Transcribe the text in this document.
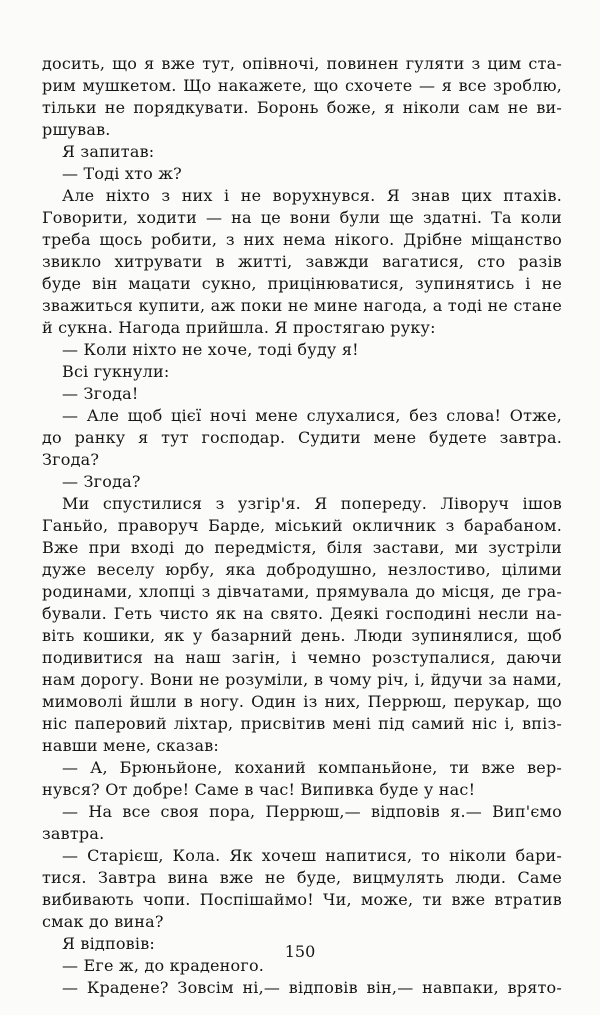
досить, що я вже тут, опівночі, повинен гуляти з цим ста-
рим мушкетом. Що накажете, що схочете — я все зроблю,
тільки не порядкувати. Боронь боже, я ніколи сам не ви-
ршував.
Я запитав:
— Тоді хто ж?
Але ніхто з них і не ворухнувся. Я знав цих птахів.
Говорити, ходити — на це вони були ще здатні. Та коли
треба щось робити, з них нема нікого. Дрібне міщанство
звикло хитрувати в житті, завжди вагатися, сто разів
буде він мацати сукно, прицінюватися, зупинятись і не
зважиться купити, аж поки не мине нагода, а тоді не стане
й сукна. Нагода прийшла. Я простягаю руку:
— Коли ніхто не хоче, тоді буду я!
Всі гукнули:
— Згода!
— Але щоб цієї ночі мене слухалися, без слова! Отже,
до ранку я тут господар. Судити мене будете завтра.
Згода?
— Згода?
Ми спустилися з узгір'я. Я попереду. Ліворуч ішов
Ганьйо, праворуч Барде, міський окличник з барабаном.
Вже при вході до передмістя, біля застави, ми зустріли
дуже веселу юрбу, яка добродушно, незлостиво, цілими
родинами, хлопці з дівчатами, прямувала до місця, де гра-
бували. Геть чисто як на свято. Деякі господині несли на-
віть кошики, як у базарний день. Люди зупинялися, щоб
подивитися на наш загін, і чемно розступалися, даючи
нам дорогу. Вони не розуміли, в чому річ, і, йдучи за нами,
мимоволі йшли в ногу. Один із них, Перрюш, перукар, що
ніс паперовий ліхтар, присвітив мені під самий ніс і, впіз-
навши мене, сказав:
— А, Брюньйоне, коханий компаньйоне, ти вже вер-
нувся? От добре! Саме в час! Випивка буде у нас!
— На все своя пора, Перрюш,— відповів я.— Вип'ємо
завтра.
— Старієш, Кола. Як хочеш напитися, то ніколи бари-
тися. Завтра вина вже не буде, вицмулять люди. Саме
вибивають чопи. Поспішаймо! Чи, може, ти вже втратив
смак до вина?
Я відповів:
— Еге ж, до краденого.
— Крадене? Зовсім ні,— відповів він,— навпаки, врято-
150
